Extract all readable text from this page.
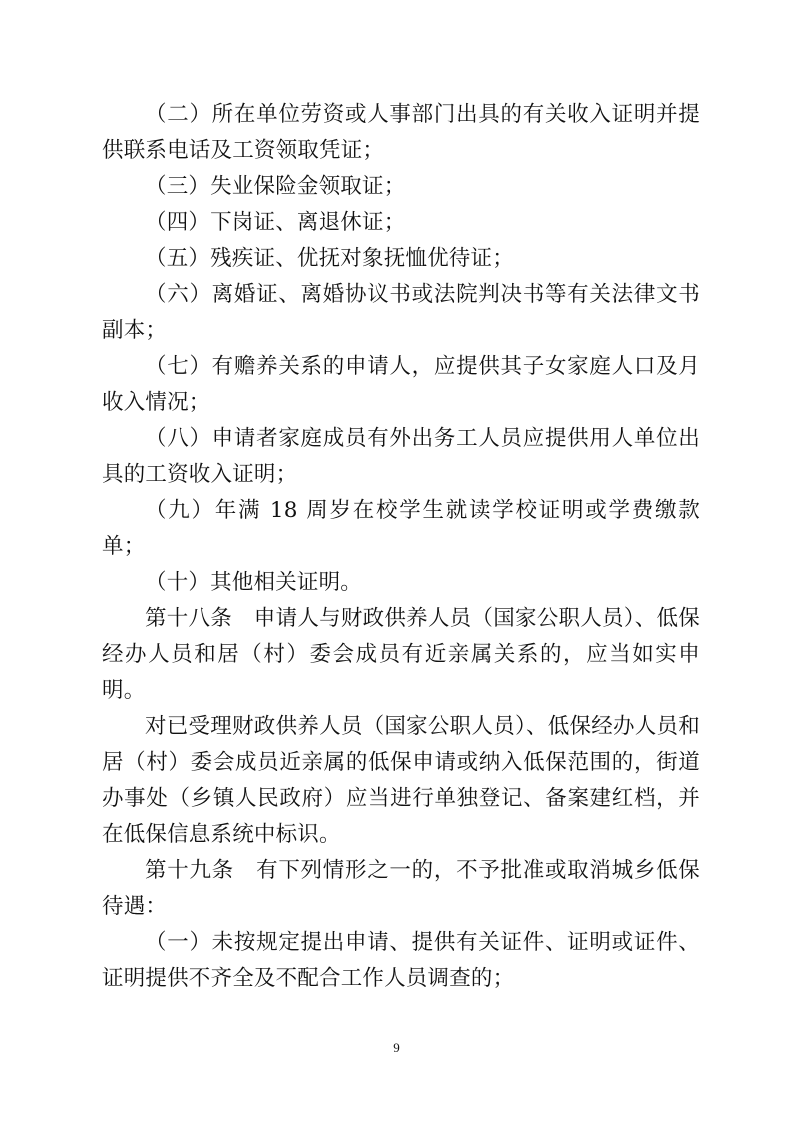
（二）所在单位劳资或人事部门出具的有关收入证明并提供联系电话及工资领取凭证；

（三）失业保险金领取证；

（四）下岗证、离退休证；

（五）残疾证、优抚对象抚恤优待证；

（六）离婚证、离婚协议书或法院判决书等有关法律文书副本；

（七）有赡养关系的申请人，应提供其子女家庭人口及月收入情况；

（八）申请者家庭成员有外出务工人员应提供用人单位出具的工资收入证明；

（九）年满 18 周岁在校学生就读学校证明或学费缴款单；

（十）其他相关证明。

第十八条　申请人与财政供养人员（国家公职人员）、低保经办人员和居（村）委会成员有近亲属关系的，应当如实申明。

对已受理财政供养人员（国家公职人员）、低保经办人员和居（村）委会成员近亲属的低保申请或纳入低保范围的，街道办事处（乡镇人民政府）应当进行单独登记、备案建红档，并在低保信息系统中标识。

第十九条　有下列情形之一的，不予批准或取消城乡低保待遇：

（一）未按规定提出申请、提供有关证件、证明或证件、证明提供不齐全及不配合工作人员调查的；

9
